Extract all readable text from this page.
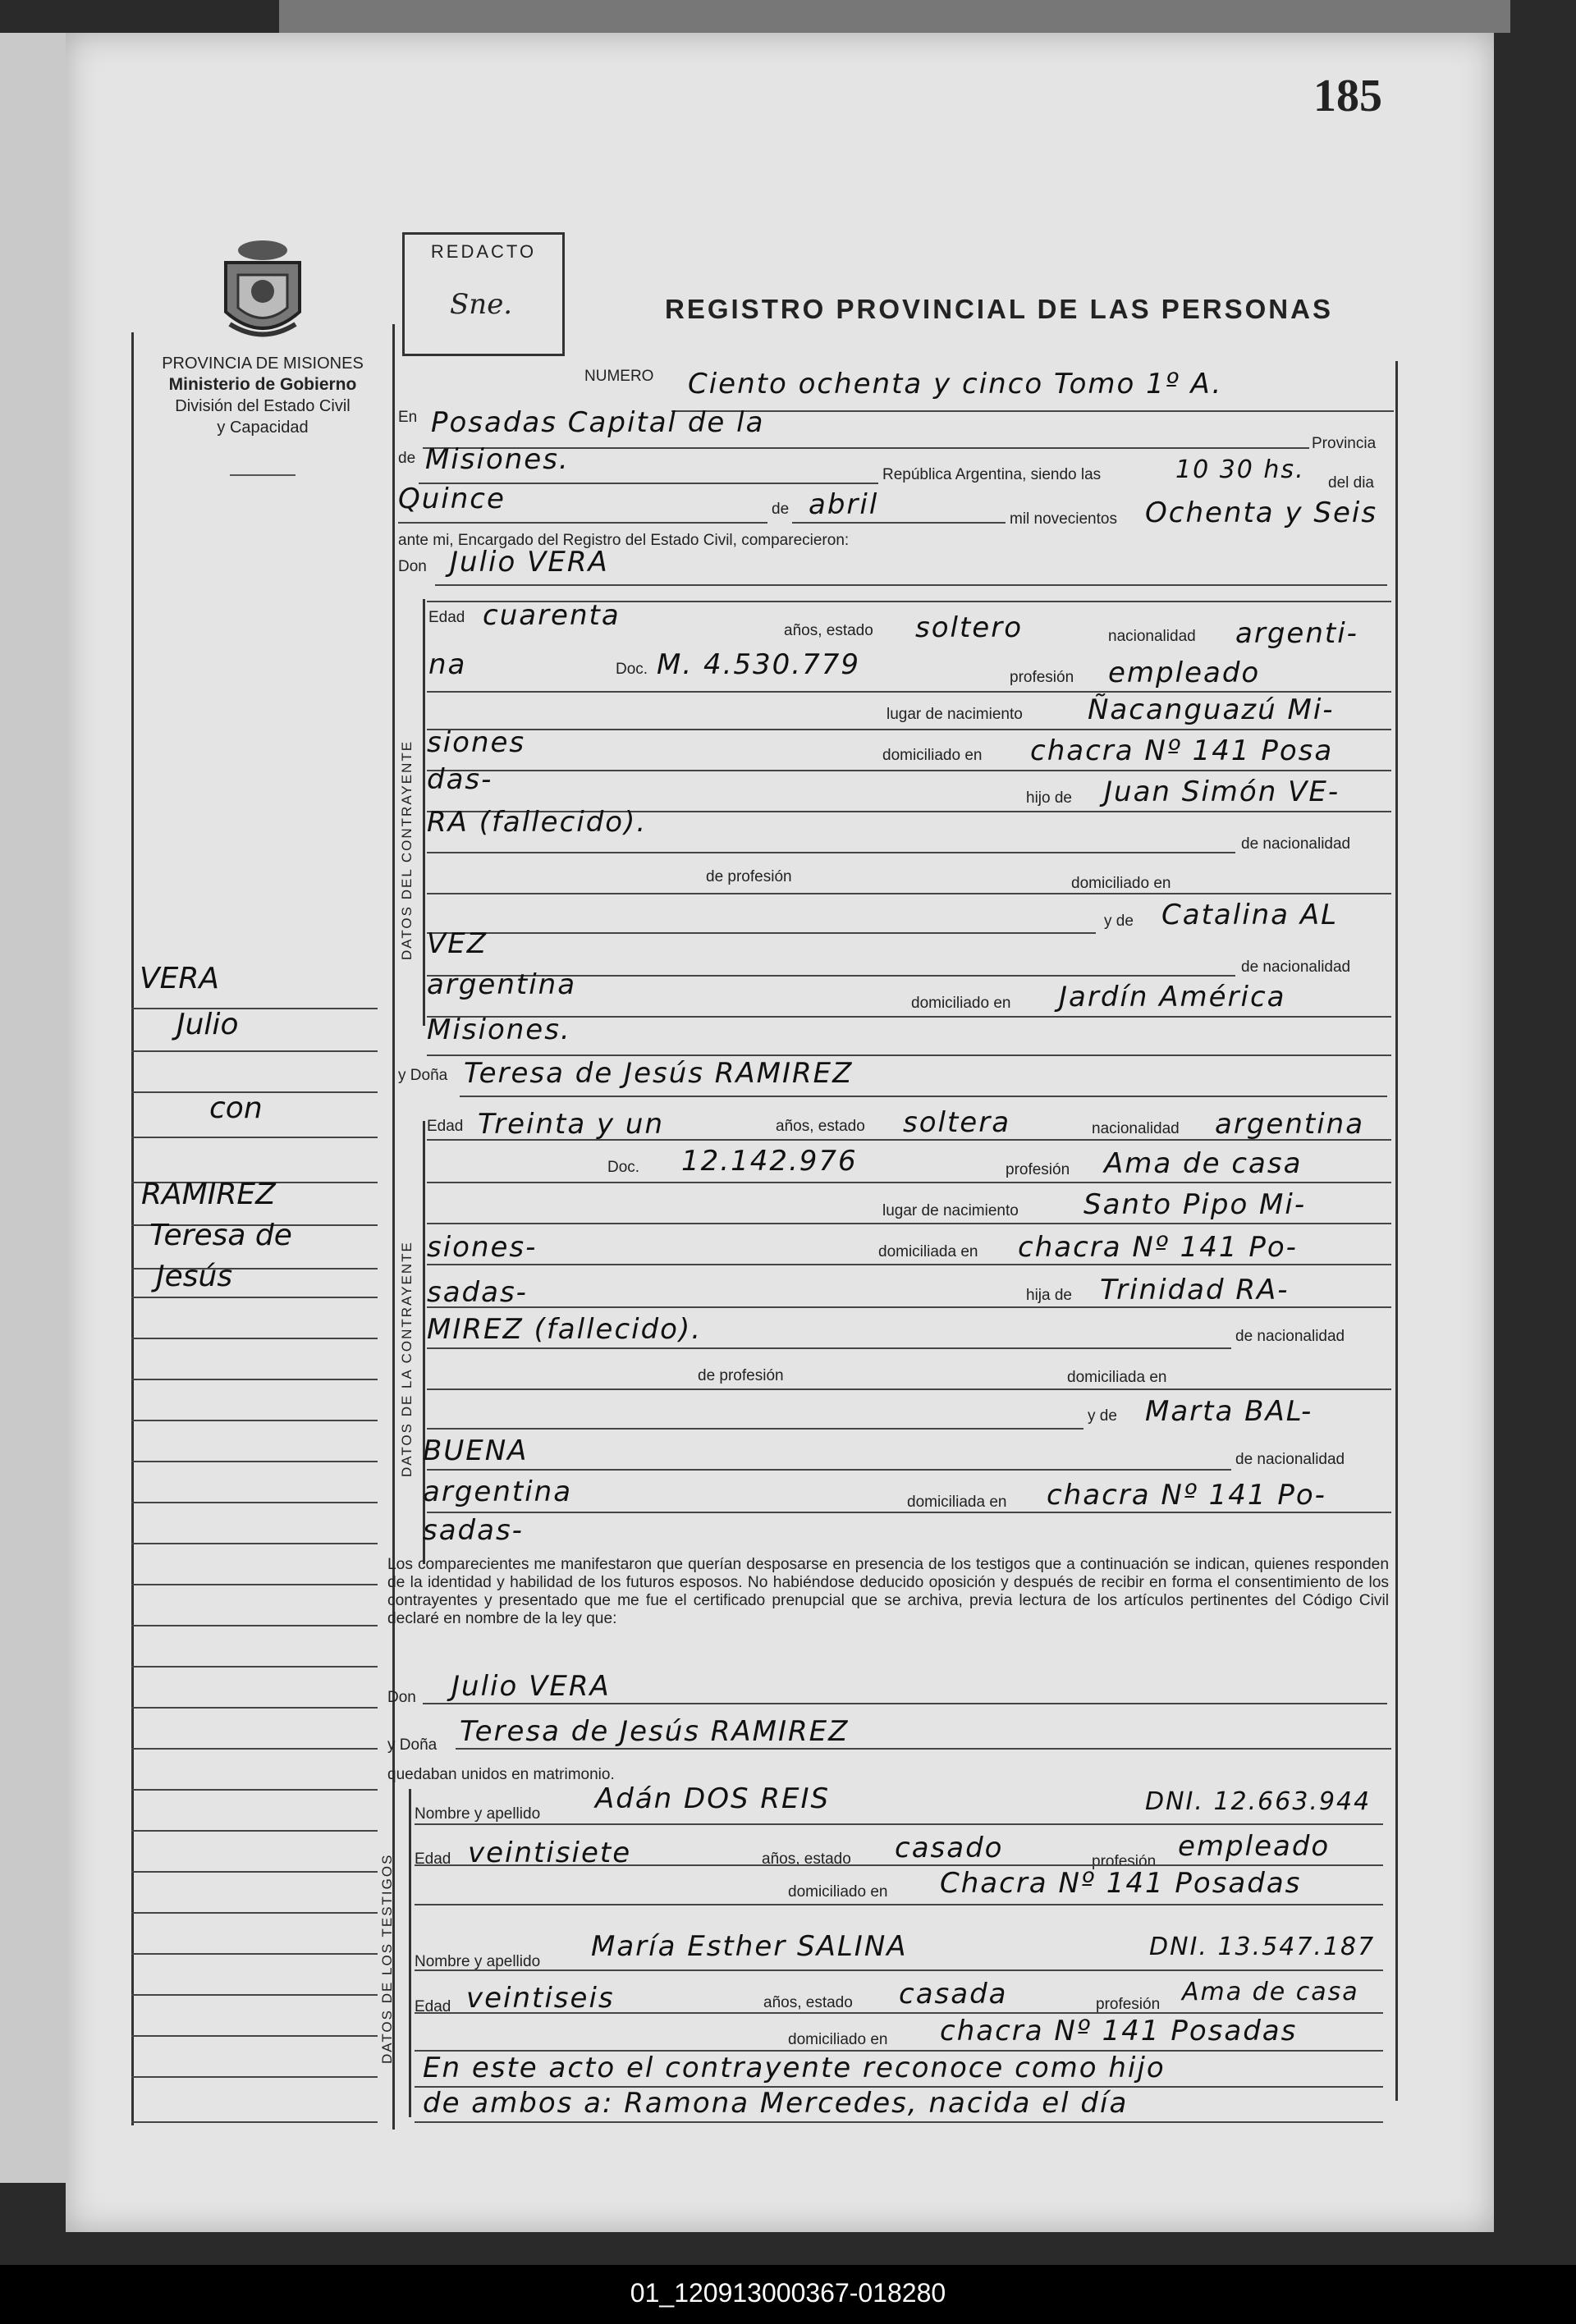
185
PROVINCIA DE MISIONES
Ministerio de Gobierno
División del Estado Civil
y Capacidad
REDACTO
Sne.	REGISTRO PROVINCIAL DE LAS PERSONAS
VERA
Julio
con
RAMIREZ
Teresa de
Jesús
NUMERO Ciento ochenta y cinco Tomo 1º A.
En Posadas Capital de la
Provincia
de Misiones.	República Argentina, siendo las	10 30 hs. del dia
Quince	de abril	mil novecientos Ochenta y Seis
ante mi, Encargado del Registro del Estado Civil, comparecieron:
Don Julio VERA
DATOS DEL CONTRAYENTE
Edad cuarenta	años, estado soltero	nacionalidad argenti-
na	Doc. M. 4.530.779	profesión empleado
lugar de nacimiento Ñacanguazú Mi-
siones	domiciliado en chacra Nº 141 Posa
das-
hijo de Juan Simón VE-
RA (fallecido).
de nacionalidad
de profesión	domiciliado en
y de Catalina AL
VEZ
de nacionalidad
argentina
domiciliado en Jardín América
Misiones.
y Doña Teresa de Jesús RAMIREZ
DATOS DE LA CONTRAYENTE
Edad Treinta y un	años, estado soltera	nacionalidad argentina
Doc. 12.142.976	profesión Ama de casa
lugar de nacimiento Santo Pipo Mi-
siones-	domiciliada en chacra Nº 141 Po-
sadas-	hija de Trinidad RA-
MIREZ (fallecido).	de nacionalidad
de profesión	domiciliada en
y de Marta BAL-
BUENA	de nacionalidad
argentina	domiciliada en chacra Nº 141 Po-
sadas-
Los comparecientes me manifestaron que querían desposarse en presencia de los testigos que a continuación se indican, quienes responden de la identidad y habilidad de los futuros esposos. No habiéndose deducido oposición y después de recibir en forma el consentimiento de los contrayentes y presentado que me fue el certificado prenupcial que se archiva, previa lectura de los artículos pertinentes del Código Civil declaré en nombre de la ley que:
Don Julio VERA
y Doña Teresa de Jesús RAMIREZ
quedaban unidos en matrimonio.
DATOS DE LOS TESTIGOS
Nombre y apellido Adán DOS REIS	DNI. 12.663.944
Edad veintisiete	años, estado casado	profesión empleado
domiciliado en Chacra Nº 141 Posadas
Nombre y apellido María Esther SALINA	DNI. 13.547.187
Edad veintiseis	años, estado casada	profesión Ama de casa
domiciliado en chacra Nº 141 Posadas
En este acto el contrayente reconoce como hijo
de ambos a: Ramona Mercedes, nacida el día
01_120913000367-018280
